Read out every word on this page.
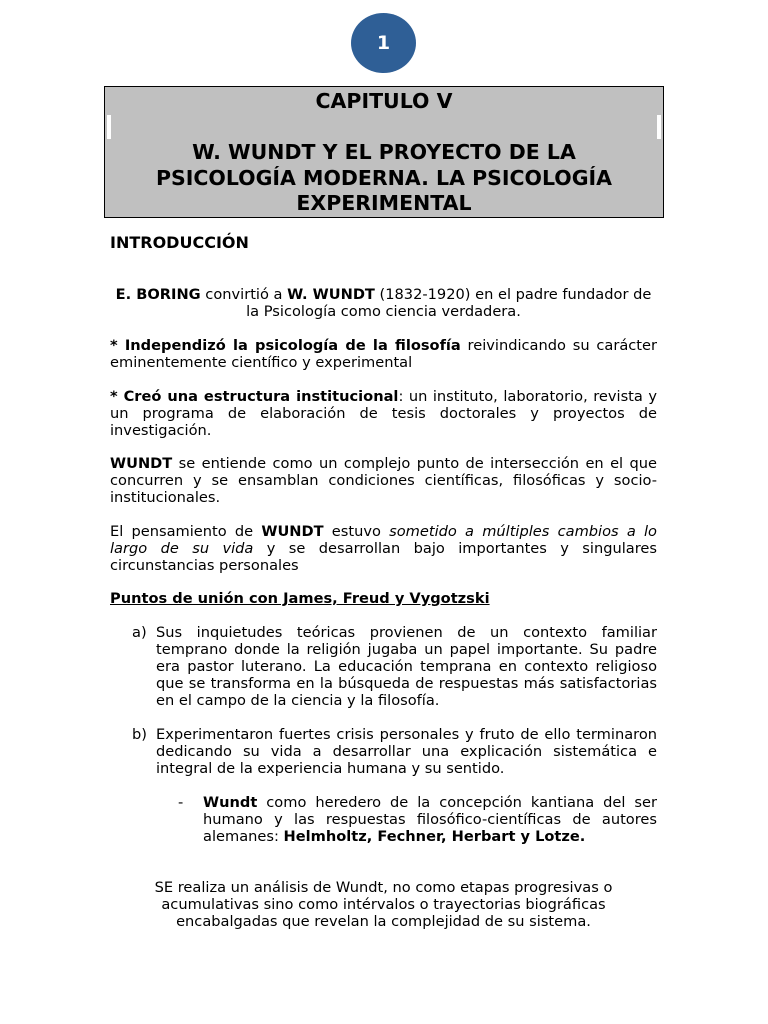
1
CAPITULO V
W. WUNDT Y EL PROYECTO DE LA
PSICOLOGÍA MODERNA. LA PSICOLOGÍA
EXPERIMENTAL

INTRODUCCIÓN

E. BORING convirtió a W. WUNDT (1832-1920) en el padre fundador de la Psicología como ciencia verdadera.

* Independizó la psicología de la filosofía reivindicando su carácter eminentemente científico y experimental

* Creó una estructura institucional: un instituto, laboratorio, revista y un programa de elaboración de tesis doctorales y proyectos de investigación.

WUNDT se entiende como un complejo punto de intersección en el que concurren y se ensamblan condiciones científicas, filosóficas y socio-institucionales.

El pensamiento de WUNDT estuvo sometido a múltiples cambios a lo largo de su vida y se desarrollan bajo importantes y singulares circunstancias personales

Puntos de unión con James, Freud y Vygotzski

a) Sus inquietudes teóricas provienen de un contexto familiar temprano donde la religión jugaba un papel importante. Su padre era pastor luterano. La educación temprana en contexto religioso que se transforma en la búsqueda de respuestas más satisfactorias en el campo de la ciencia y la filosofía.
b) Experimentaron fuertes crisis personales y fruto de ello terminaron dedicando su vida a desarrollar una explicación sistemática e integral de la experiencia humana y su sentido.
-	Wundt como heredero de la concepción kantiana del ser humano y las respuestas filosófico-científicas de autores alemanes: Helmholtz, Fechner, Herbart y Lotze.

SE realiza un análisis de Wundt, no como etapas progresivas o acumulativas sino como intérvalos o trayectorias biográficas encabalgadas que revelan la complejidad de su sistema.
